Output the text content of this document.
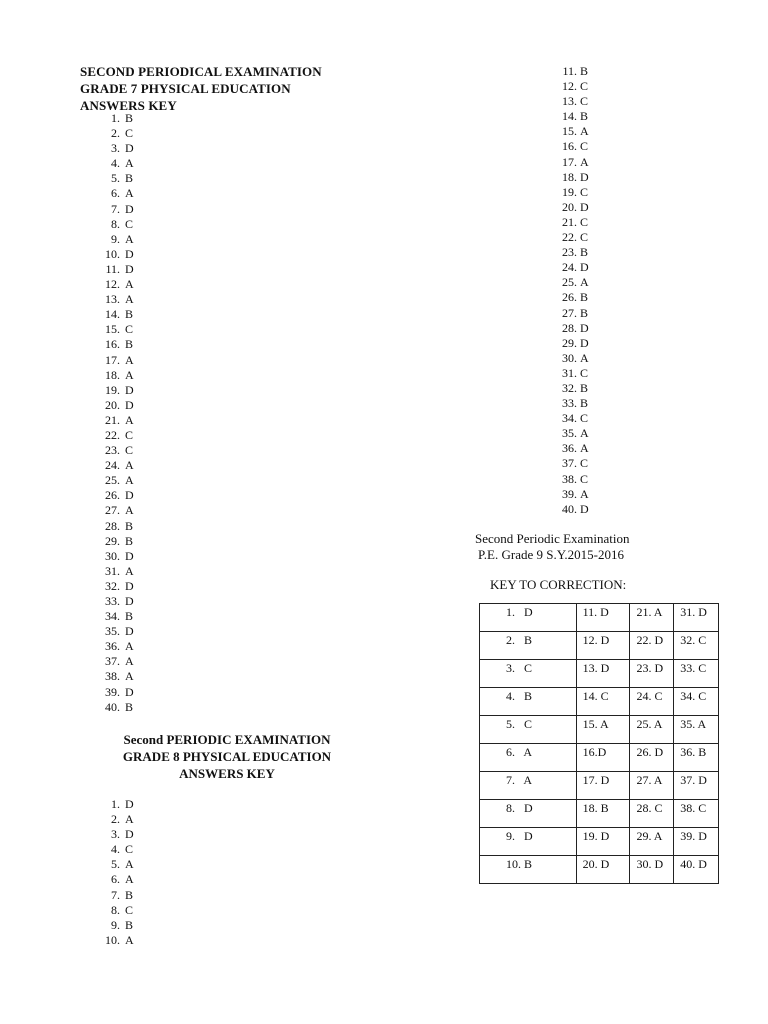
SECOND PERIODICAL EXAMINATION
GRADE 7 PHYSICAL EDUCATION
ANSWERS KEY
1. B
2. C
3. D
4. A
5. B
6. A
7. D
8. C
9. A
10. D
11. D
12. A
13. A
14. B
15. C
16. B
17. A
18. A
19. D
20. D
21. A
22. C
23. C
24. A
25. A
26. D
27. A
28. B
29. B
30. D
31. A
32. D
33. D
34. B
35. D
36. A
37. A
38. A
39. D
40. B
Second PERIODIC EXAMINATION
GRADE 8 PHYSICAL EDUCATION
ANSWERS KEY
1. D
2. A
3. D
4. C
5. A
6. A
7. B
8. C
9. B
10. A
11. B
12. C
13. C
14. B
15. A
16. C
17. A
18. D
19. C
20. D
21. C
22. C
23. B
24. D
25. A
26. B
27. B
28. D
29. D
30. A
31. C
32. B
33. B
34. C
35. A
36. A
37. C
38. C
39. A
40. D
Second Periodic Examination
P.E. Grade 9 S.Y.2015-2016
KEY TO CORRECTION:
1.   D	11. D	21. A	31. D
2.   B	12. D	22. D	32. C
3.   C	13. D	23. D	33. C
4.   B	14. C	24. C	34. C
5.   C	15. A	25. A	35. A
6.   A	16.D	26. D	36. B
7.   A	17. D	27. A	37. D
8.   D	18. B	28. C	38. C
9.   D	19. D	29. A	39. D
10. B	20. D	30. D	40. D
